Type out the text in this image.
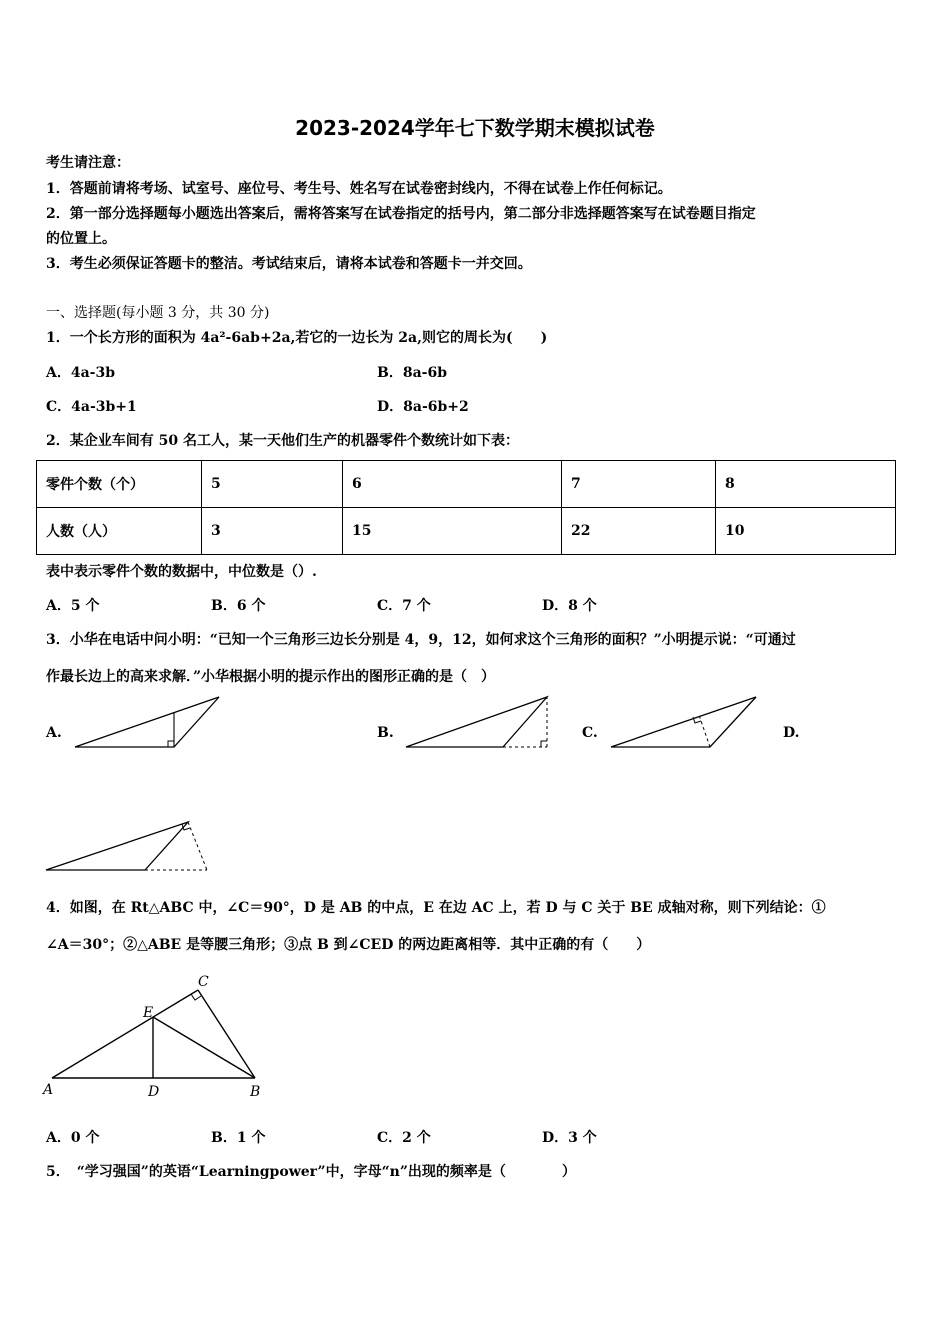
2023-2024学年七下数学期末模拟试卷
考生请注意：
1．答题前请将考场、试室号、座位号、考生号、姓名写在试卷密封线内，不得在试卷上作任何标记。
2．第一部分选择题每小题选出答案后，需将答案写在试卷指定的括号内，第二部分非选择题答案写在试卷题目指定
的位置上。
3．考生必须保证答题卡的整洁。考试结束后，请将本试卷和答题卡一并交回。
一、选择题(每小题 3 分，共 30 分)
1．一个长方形的面积为 4a²-6ab+2a,若它的一边长为 2a,则它的周长为(　　)
A．4a-3b	B．8a-6b
C．4a-3b+1	D．8a-6b+2
2．某企业车间有 50 名工人，某一天他们生产的机器零件个数统计如下表：
零件个数（个）	5	6	7	8
人数（人）	3	15	22	10
表中表示零件个数的数据中，中位数是（）.
A．5 个	B．6 个	C．7 个	D．8 个
3．小华在电话中问小明：“已知一个三角形三边长分别是 4，9，12，如何求这个三角形的面积？”小明提示说：“可通过
作最长边上的高来求解．”小华根据小明的提示作出的图形正确的是（　）
A.	B.	C.	D.
4．如图，在 Rt△ABC 中，∠C＝90°，D 是 AB 的中点，E 在边 AC 上，若 D 与 C 关于 BE 成轴对称，则下列结论：①
∠A＝30°；②△ABE 是等腰三角形；③点 B 到∠CED 的两边距离相等．其中正确的有（　　）
C
E
A	D	B
A．0 个	B．1 个	C．2 个	D．3 个
5．　“学习强国”的英语“Learningpower”中，字母“n”出现的频率是（　　　　）
